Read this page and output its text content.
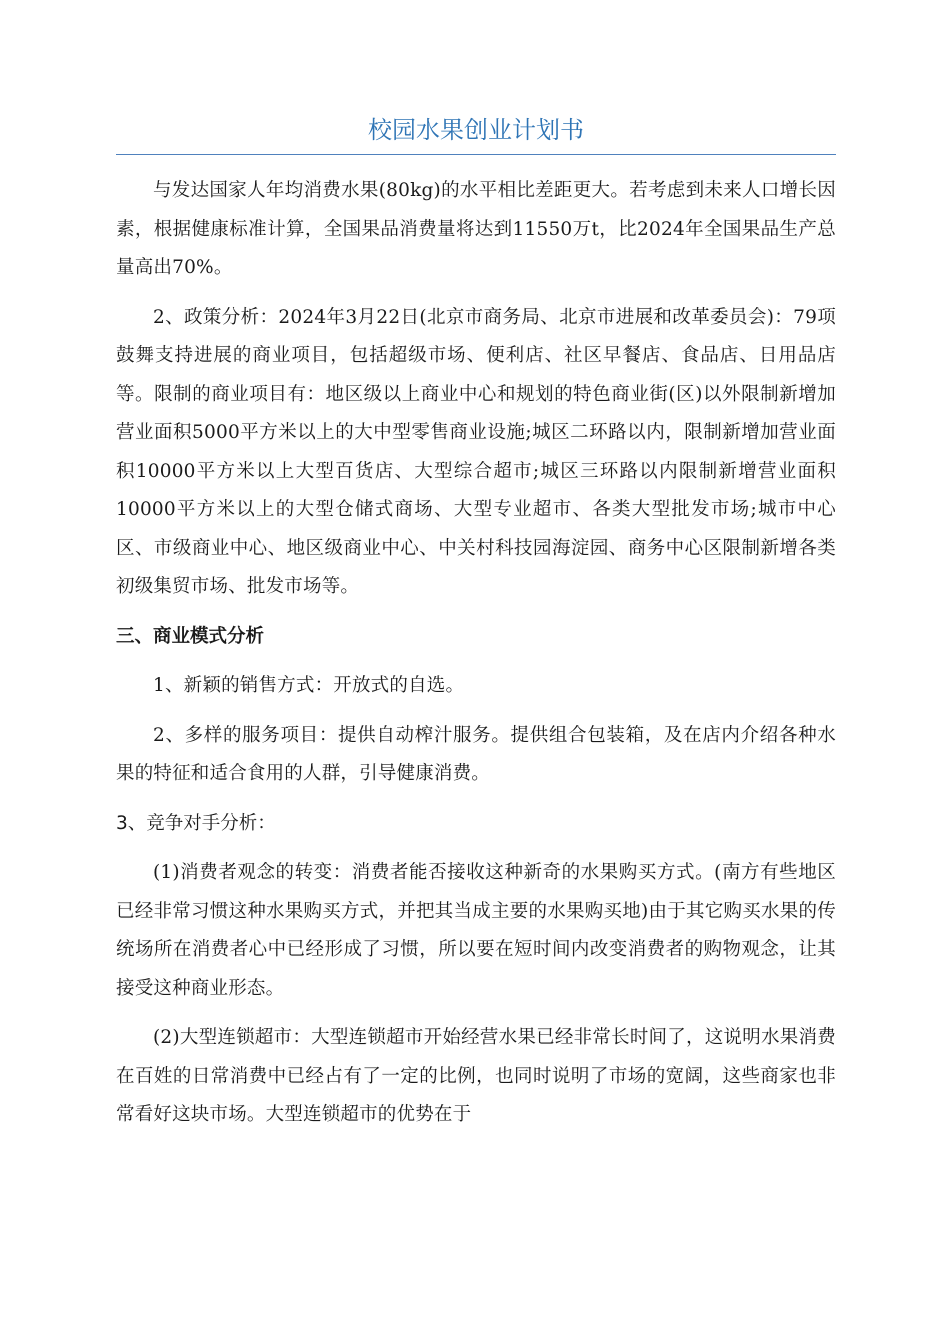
校园水果创业计划书

与发达国家人年均消费水果(80kg)的水平相比差距更大。若考虑到未来人口增长因素，根据健康标准计算，全国果品消费量将达到11550万t，比2024年全国果品生产总量高出70%。

2、政策分析：2024年3月22日(北京市商务局、北京市进展和改革委员会)：79项鼓舞支持进展的商业项目，包括超级市场、便利店、社区早餐店、食品店、日用品店等。限制的商业项目有：地区级以上商业中心和规划的特色商业街(区)以外限制新增加营业面积5000平方米以上的大中型零售商业设施;城区二环路以内，限制新增加营业面积10000平方米以上大型百货店、大型综合超市;城区三环路以内限制新增营业面积10000平方米以上的大型仓储式商场、大型专业超市、各类大型批发市场;城市中心区、市级商业中心、地区级商业中心、中关村科技园海淀园、商务中心区限制新增各类初级集贸市场、批发市场等。

三、商业模式分析

1、新颖的销售方式：开放式的自选。

2、多样的服务项目：提供自动榨汁服务。提供组合包装箱，及在店内介绍各种水果的特征和适合食用的人群，引导健康消费。

3、竞争对手分析：

(1)消费者观念的转变：消费者能否接收这种新奇的水果购买方式。(南方有些地区已经非常习惯这种水果购买方式，并把其当成主要的水果购买地)由于其它购买水果的传统场所在消费者心中已经形成了习惯，所以要在短时间内改变消费者的购物观念，让其接受这种商业形态。

(2)大型连锁超市：大型连锁超市开始经营水果已经非常长时间了，这说明水果消费在百姓的日常消费中已经占有了一定的比例，也同时说明了市场的宽阔，这些商家也非常看好这块市场。大型连锁超市的优势在于
